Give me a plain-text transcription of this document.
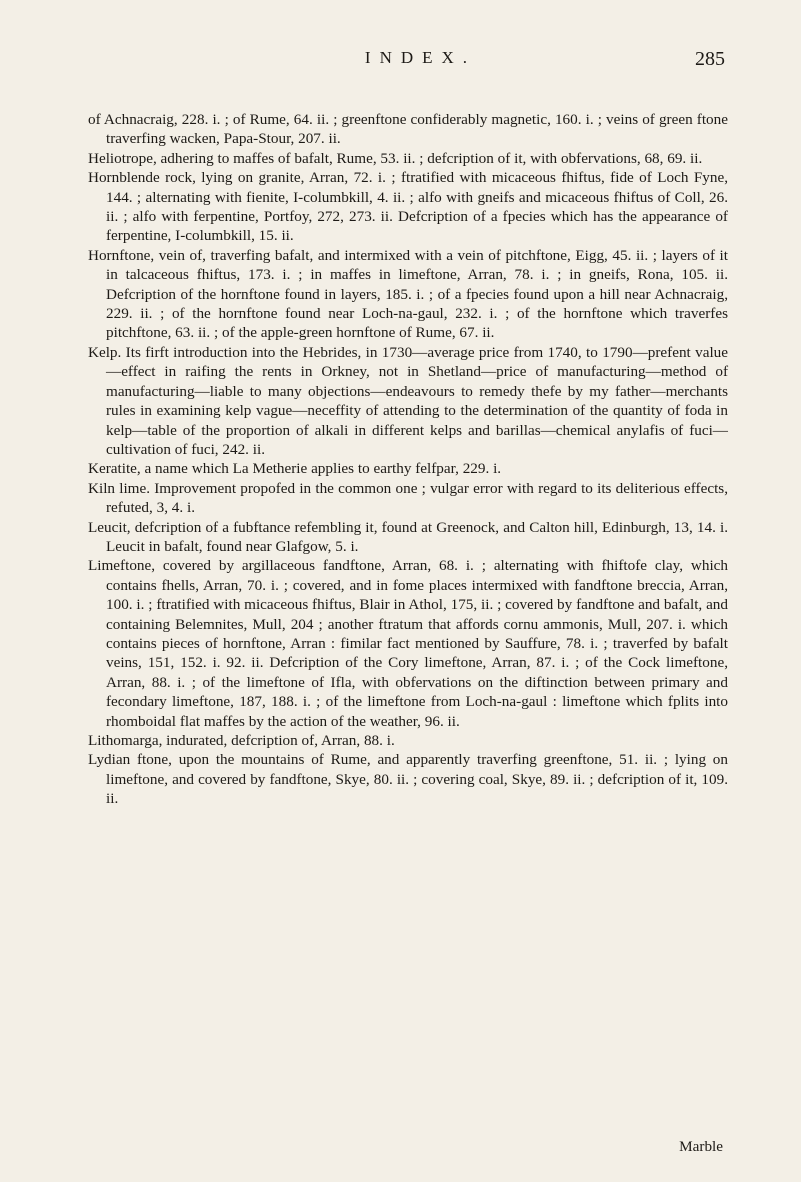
INDEX.	285

of Achnacraig, 228. i. ; of Rume, 64. ii. ; greenftone confiderably magnetic, 160. i. ; veins of green ftone traverfing wacken, Papa-Stour, 207. ii.

Heliotrope, adhering to maffes of bafalt, Rume, 53. ii. ; defcription of it, with obfervations, 68, 69. ii.

Hornblende rock, lying on granite, Arran, 72. i. ; ftratified with micaceous fhiftus, fide of Loch Fyne, 144. ; alternating with fienite, I-columbkill, 4. ii. ; alfo with gneifs and micaceous fhiftus of Coll, 26. ii. ; alfo with ferpentine, Portfoy, 272, 273. ii. Defcription of a fpecies which has the appearance of ferpentine, I-columbkill, 15. ii.

Hornftone, vein of, traverfing bafalt, and intermixed with a vein of pitchftone, Eigg, 45. ii. ; layers of it in talcaceous fhiftus, 173. i. ; in maffes in limeftone, Arran, 78. i. ; in gneifs, Rona, 105. ii. Defcription of the hornftone found in layers, 185. i. ; of a fpecies found upon a hill near Achnacraig, 229. ii. ; of the hornftone found near Loch-na-gaul, 232. i. ; of the hornftone which traverfes pitchftone, 63. ii. ; of the apple-green hornftone of Rume, 67. ii.

Kelp. Its firft introduction into the Hebrides, in 1730—average price from 1740, to 1790—prefent value—effect in raifing the rents in Orkney, not in Shetland—price of manufacturing—method of manufacturing—liable to many objections—endeavours to remedy thefe by my father—merchants rules in examining kelp vague—neceffity of attending to the determination of the quantity of foda in kelp—table of the proportion of alkali in different kelps and barillas—chemical anylafis of fuci—cultivation of fuci, 242. ii.

Keratite, a name which La Metherie applies to earthy felfpar, 229. i.

Kiln lime. Improvement propofed in the common one ; vulgar error with regard to its deliterious effects, refuted, 3, 4. i.

Leucit, defcription of a fubftance refembling it, found at Greenock, and Calton hill, Edinburgh, 13, 14. i. Leucit in bafalt, found near Glafgow, 5. i.

Limeftone, covered by argillaceous fandftone, Arran, 68. i. ; alternating with fhiftofe clay, which contains fhells, Arran, 70. i. ; covered, and in fome places intermixed with fandftone breccia, Arran, 100. i. ; ftratified with micaceous fhiftus, Blair in Athol, 175, ii. ; covered by fandftone and bafalt, and containing Belemnites, Mull, 204 ; another ftratum that affords cornu ammonis, Mull, 207. i. which contains pieces of hornftone, Arran : fimilar fact mentioned by Sauffure, 78. i. ; traverfed by bafalt veins, 151, 152. i. 92. ii. Defcription of the Cory limeftone, Arran, 87. i. ; of the Cock limeftone, Arran, 88. i. ; of the limeftone of Ifla, with obfervations on the diftinction between primary and fecondary limeftone, 187, 188. i. ; of the limeftone from Loch-na-gaul : limeftone which fplits into rhomboidal flat maffes by the action of the weather, 96. ii.

Lithomarga, indurated, defcription of, Arran, 88. i.

Lydian ftone, upon the mountains of Rume, and apparently traverfing greenftone, 51. ii. ; lying on limeftone, and covered by fandftone, Skye, 80. ii. ; covering coal, Skye, 89. ii. ; defcription of it, 109. ii.

Marble
